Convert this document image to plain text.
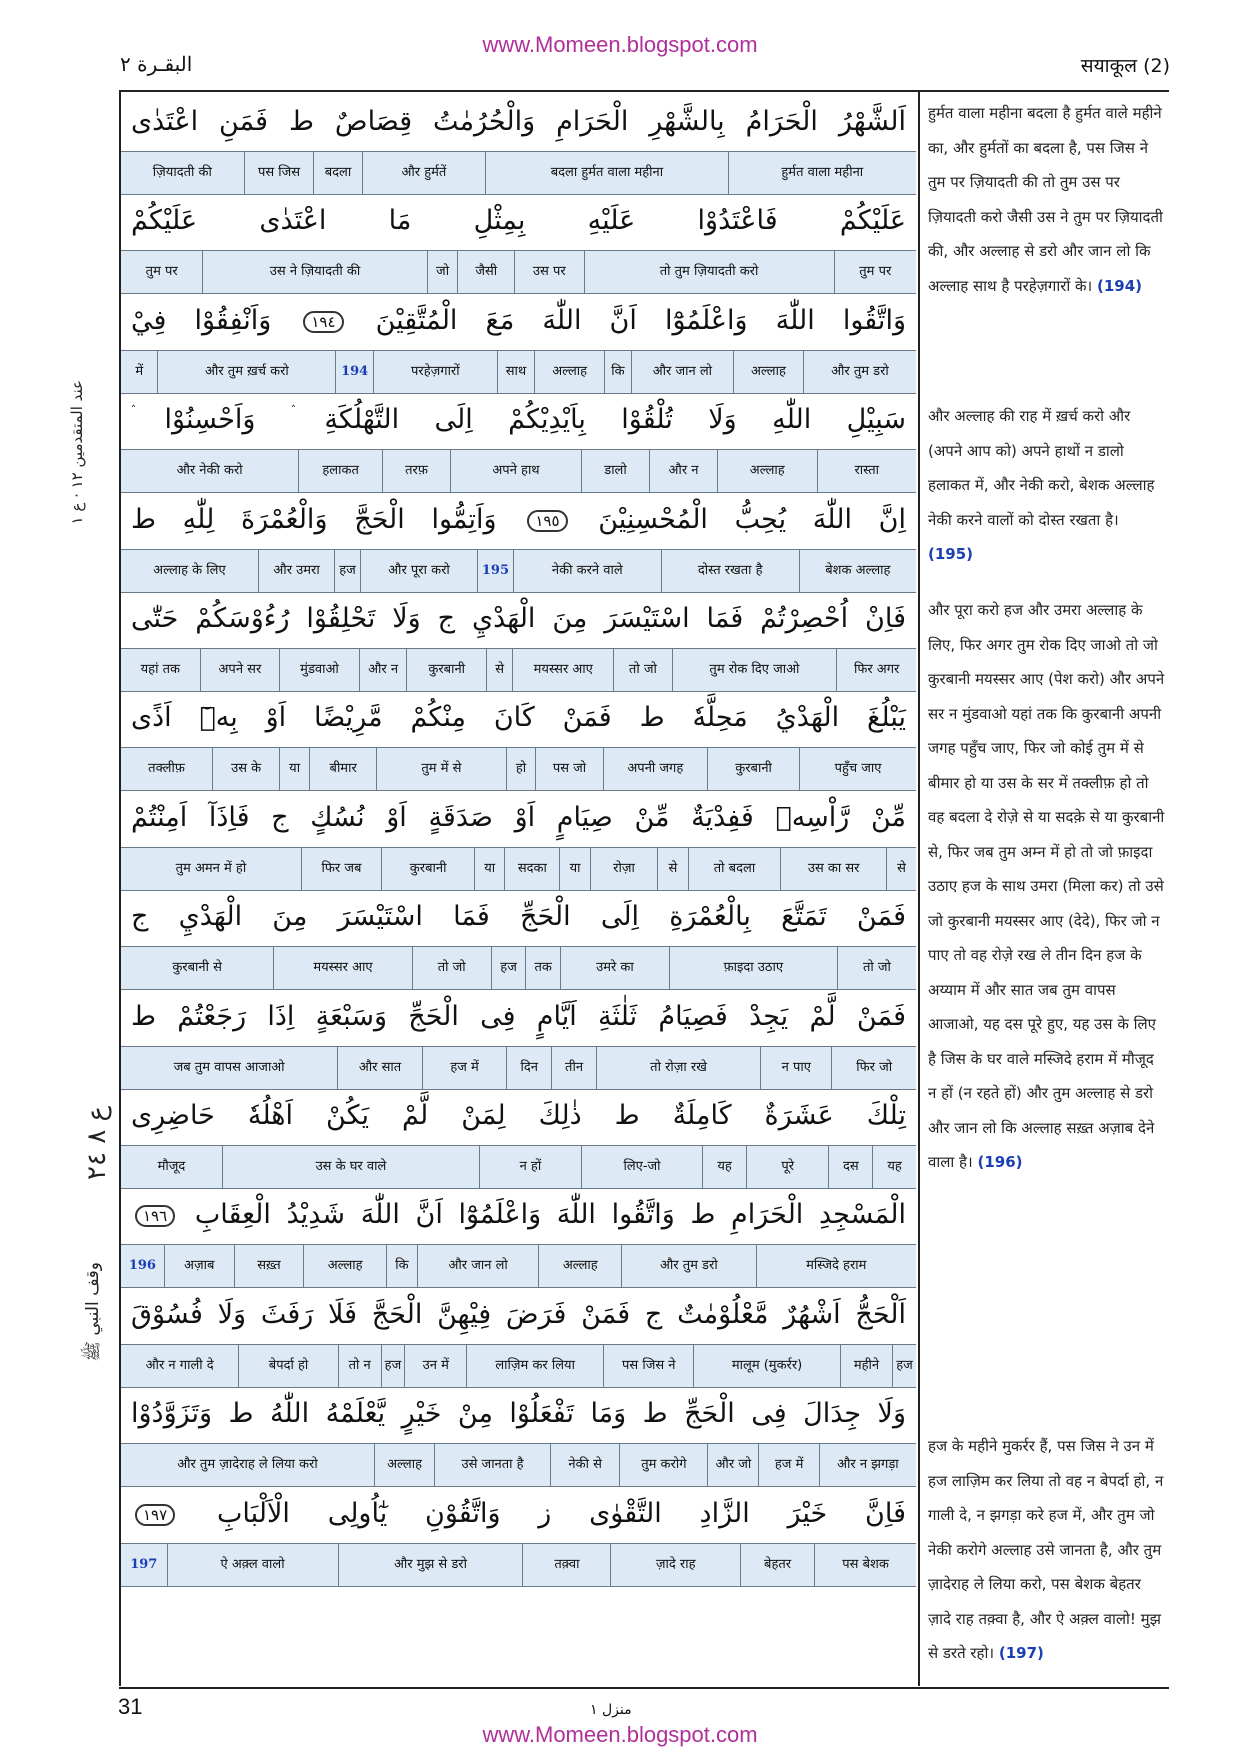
www.Momeen.blogspot.com
البقـرة ٢	सयाकूल (2)
اَلشَّهْرُ الْحَرَامُ بِالشَّهْرِ الْحَرَامِ وَالْحُرُمٰتُ قِصَاصٌ ط فَمَنِ اعْتَدٰى
ज़ियादती की	पस जिस	बदला	और हुर्मतें	बदला हुर्मत वाला महीना	हुर्मत वाला महीना
عَلَيْكُمْ فَاعْتَدُوْا عَلَيْهِ بِمِثْلِ مَا اعْتَدٰى عَلَيْكُمْ
तुम पर	उस ने ज़ियादती की	जो	जैसी	उस पर	तो तुम ज़ियादती करो	तुम पर
وَاتَّقُوا اللّٰهَ وَاعْلَمُوْٓا اَنَّ اللّٰهَ مَعَ الْمُتَّقِيْنَ ١٩٤ وَاَنْفِقُوْا فِيْ
में	और तुम ख़र्च करो	194	परहेज़गारों	साथ	अल्लाह	कि	और जान लो	अल्लाह	और तुम डरो
سَبِيْلِ اللّٰهِ وَلَا تُلْقُوْا بِاَيْدِيْكُمْ اِلَى التَّهْلُكَةِ ۛ وَاَحْسِنُوْا ۛ
और नेकी करो	हलाकत	तरफ़	अपने हाथ	डालो	और न	अल्लाह	रास्ता
اِنَّ اللّٰهَ يُحِبُّ الْمُحْسِنِيْنَ ١٩٥ وَاَتِمُّوا الْحَجَّ وَالْعُمْرَةَ لِلّٰهِ ط
अल्लाह के लिए	और उमरा	हज	और पूरा करो	195	नेकी करने वाले	दोस्त रखता है	बेशक अल्लाह
فَاِنْ اُحْصِرْتُمْ فَمَا اسْتَيْسَرَ مِنَ الْهَدْيِ ج وَلَا تَحْلِقُوْا رُءُوْسَكُمْ حَتّٰى
यहां तक	अपने सर	मुंडवाओ	और न	कुरबानी	से	मयस्सर आए	तो जो	तुम रोक दिए जाओ	फिर अगर
يَبْلُغَ الْهَدْيُ مَحِلَّهٗ ط فَمَنْ كَانَ مِنْكُمْ مَّرِيْضًا اَوْ بِهٖٓ اَذًى
तक्लीफ़	उस के	या	बीमार	तुम में से	हो	पस जो	अपनी जगह	कुरबानी	पहुँच जाए
مِّنْ رَّاْسِهٖ فَفِدْيَةٌ مِّنْ صِيَامٍ اَوْ صَدَقَةٍ اَوْ نُسُكٍ ج فَاِذَآ اَمِنْتُمْ
तुम अमन में हो	फिर जब	कुरबानी	या	सदका	या	रोज़ा	से	तो बदला	उस का सर	से
فَمَنْ تَمَتَّعَ بِالْعُمْرَةِ اِلَى الْحَجِّ فَمَا اسْتَيْسَرَ مِنَ الْهَدْيِ ج
कुरबानी से	मयस्सर आए	तो जो	हज	तक	उमरे का	फ़ाइदा उठाए	तो जो
فَمَنْ لَّمْ يَجِدْ فَصِيَامُ ثَلٰثَةِ اَيَّامٍ فِى الْحَجِّ وَسَبْعَةٍ اِذَا رَجَعْتُمْ ط
जब तुम वापस आजाओ	और सात	हज में	दिन	तीन	तो रोज़ा रखे	न पाए	फिर जो
تِلْكَ عَشَرَةٌ كَامِلَةٌ ط ذٰلِكَ لِمَنْ لَّمْ يَكُنْ اَهْلُهٗ حَاضِرِى
मौजूद	उस के घर वाले	न हों	लिए-जो	यह	पूरे	दस	यह
الْمَسْجِدِ الْحَرَامِ ط وَاتَّقُوا اللّٰهَ وَاعْلَمُوْٓا اَنَّ اللّٰهَ شَدِيْدُ الْعِقَابِ ١٩٦
196	अज़ाब	सख़्त	अल्लाह	कि	और जान लो	अल्लाह	और तुम डरो	मस्जिदे हराम
اَلْحَجُّ اَشْهُرٌ مَّعْلُوْمٰتٌ ج فَمَنْ فَرَضَ فِيْهِنَّ الْحَجَّ فَلَا رَفَثَ وَلَا فُسُوْقَ
और न गाली दे	बेपर्दा हो	तो न	हज	उन में	लाज़िम कर लिया	पस जिस ने	मालूम (मुकर्रर)	महीने	हज
وَلَا جِدَالَ فِى الْحَجِّ ط وَمَا تَفْعَلُوْا مِنْ خَيْرٍ يَّعْلَمْهُ اللّٰهُ ط وَتَزَوَّدُوْا
और तुम ज़ादेराह ले लिया करो	अल्लाह	उसे जानता है	नेकी से	तुम करोगे	और जो	हज में	और न झगड़ा
فَاِنَّ خَيْرَ الزَّادِ التَّقْوٰى ز وَاتَّقُوْنِ يٰٓاُولِى الْاَلْبَابِ ١٩٧
197	ऐ अक़्ल वालो	और मुझ से डरो	तक़्वा	ज़ादे राह	बेहतर	पस बेशक

हुर्मत वाला महीना बदला है हुर्मत वाले महीने का, और हुर्मतों का बदला है, पस जिस ने तुम पर ज़ियादती की तो तुम उस पर ज़ियादती करो जैसी उस ने तुम पर ज़ियादती की, और अल्लाह से डरो और जान लो कि अल्लाह साथ है परहेज़गारों के। (194)

और अल्लाह की राह में ख़र्च करो और (अपने आप को) अपने हाथों न डालो हलाकत में, और नेकी करो, बेशक अल्लाह नेकी करने वालों को दोस्त रखता है। (195)

और पूरा करो हज और उमरा अल्लाह के लिए, फिर अगर तुम रोक दिए जाओ तो जो कुरबानी मयस्सर आए (पेश करो) और अपने सर न मुंडवाओ यहां तक कि कुरबानी अपनी जगह पहुँच जाए, फिर जो कोई तुम में से बीमार हो या उस के सर में तक्लीफ़ हो तो वह बदला दे रोज़े से या सदक़े से या कुरबानी से, फिर जब तुम अम्न में हो तो जो फ़ाइदा उठाए हज के साथ उमरा (मिला कर) तो उसे जो कुरबानी मयस्सर आए (देदे), फिर जो न पाए तो वह रोज़े रख ले तीन दिन हज के अय्याम में और सात जब तुम वापस आजाओ, यह दस पूरे हुए, यह उस के लिए है जिस के घर वाले मस्जिदे हराम में मौजूद न हों (न रहते हों) और तुम अल्लाह से डरो और जान लो कि अल्लाह सख़्त अज़ाब देने वाला है। (196)

हज के महीने मुकर्रर हैं, पस जिस ने उन में हज लाज़िम कर लिया तो वह न बेपर्दा हो, न गाली दे, न झगड़ा करे हज में, और तुम जो नेकी करोगे अल्लाह उसे जानता है, और तुम ज़ादेराह ले लिया करो, पस बेशक बेहतर ज़ादे राह तक़्वा है, और ऐ अक़्ल वालो! मुझ से डरते रहो। (197)

عند المتقدمين ١٢ · ع ١
ع ٨ ٢٤
وقف النبي ﷺ
31	منزل ١
www.Momeen.blogspot.com
